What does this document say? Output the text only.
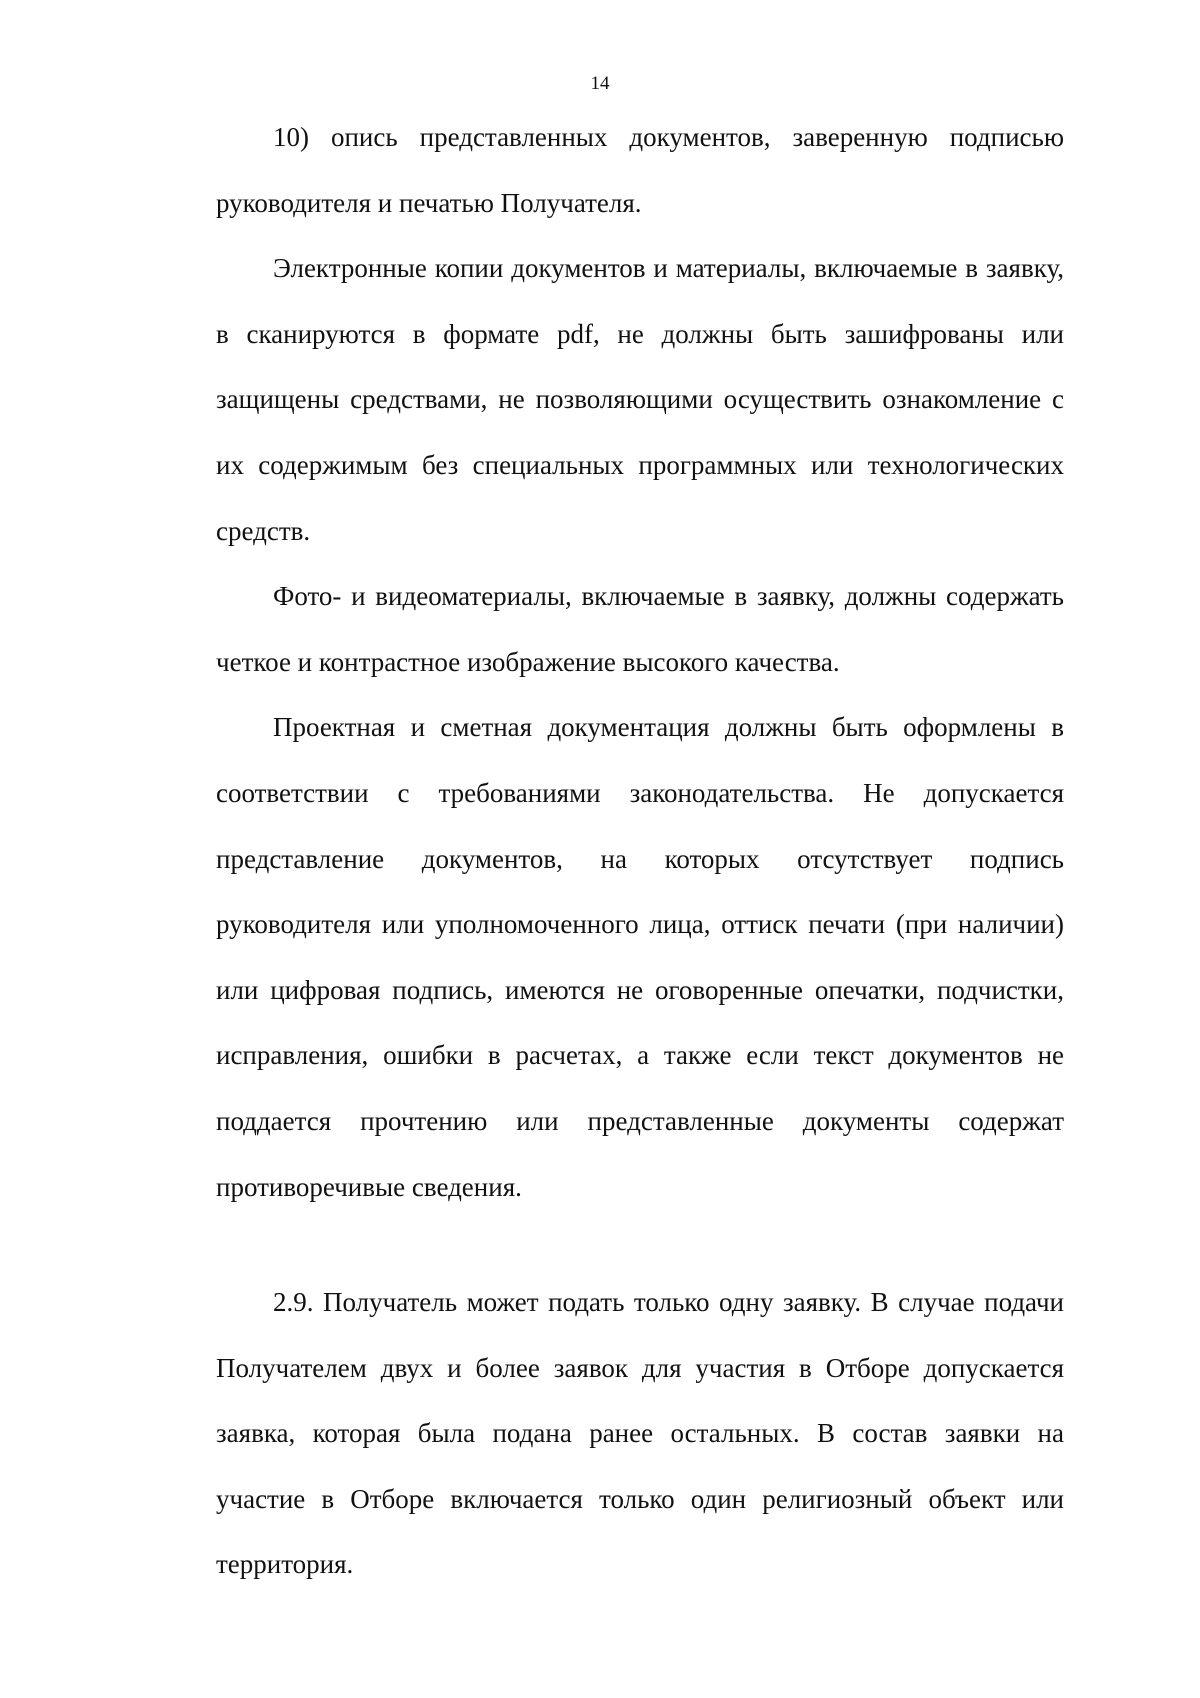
14

10) опись представленных документов, заверенную подписью руководителя и печатью Получателя.

Электронные копии документов и материалы, включаемые в заявку, в сканируются в формате pdf, не должны быть зашифрованы или защищены средствами, не позволяющими осуществить ознакомление с их содержимым без специальных программных или технологических средств.

Фото- и видеоматериалы, включаемые в заявку, должны содержать четкое и контрастное изображение высокого качества.

Проектная и сметная документация должны быть оформлены в соответствии с требованиями законодательства. Не допускается представление документов, на которых отсутствует подпись руководителя или уполномоченного лица, оттиск печати (при наличии) или цифровая подпись, имеются не оговоренные опечатки, подчистки, исправления, ошибки в расчетах, а также если текст документов не поддается прочтению или представленные документы содержат противоречивые сведения.

2.9. Получатель может подать только одну заявку. В случае подачи Получателем двух и более заявок для участия в Отборе допускается заявка, которая была подана ранее остальных. В состав заявки на участие в Отборе включается только один религиозный объект или территория.
